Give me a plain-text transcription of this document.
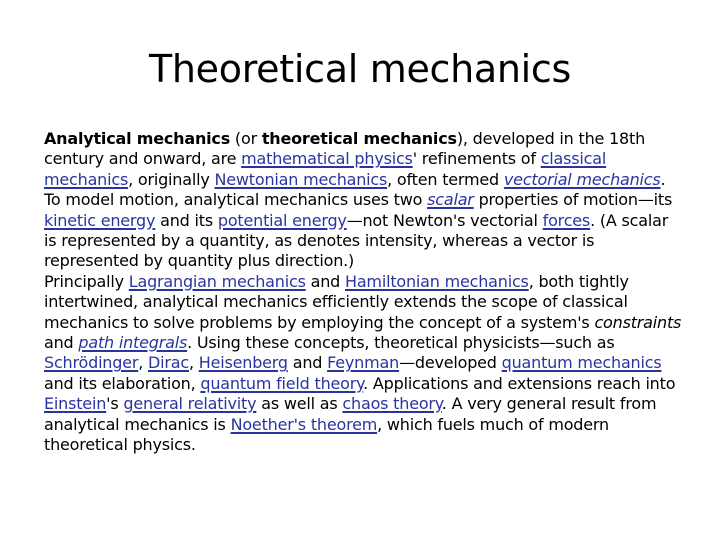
Theoretical mechanics

Analytical mechanics (or theoretical mechanics), developed in the 18th century and onward, are mathematical physics' refinements of classical mechanics, originally Newtonian mechanics, often termed vectorial mechanics. To model motion, analytical mechanics uses two scalar properties of motion—its kinetic energy and its potential energy—not Newton's vectorial forces. (A scalar is represented by a quantity, as denotes intensity, whereas a vector is represented by quantity plus direction.)

Principally Lagrangian mechanics and Hamiltonian mechanics, both tightly intertwined, analytical mechanics efficiently extends the scope of classical mechanics to solve problems by employing the concept of a system's constraints and path integrals. Using these concepts, theoretical physicists—such as Schrödinger, Dirac, Heisenberg and Feynman—developed quantum mechanics and its elaboration, quantum field theory. Applications and extensions reach into Einstein's general relativity as well as chaos theory. A very general result from analytical mechanics is Noether's theorem, which fuels much of modern theoretical physics.
